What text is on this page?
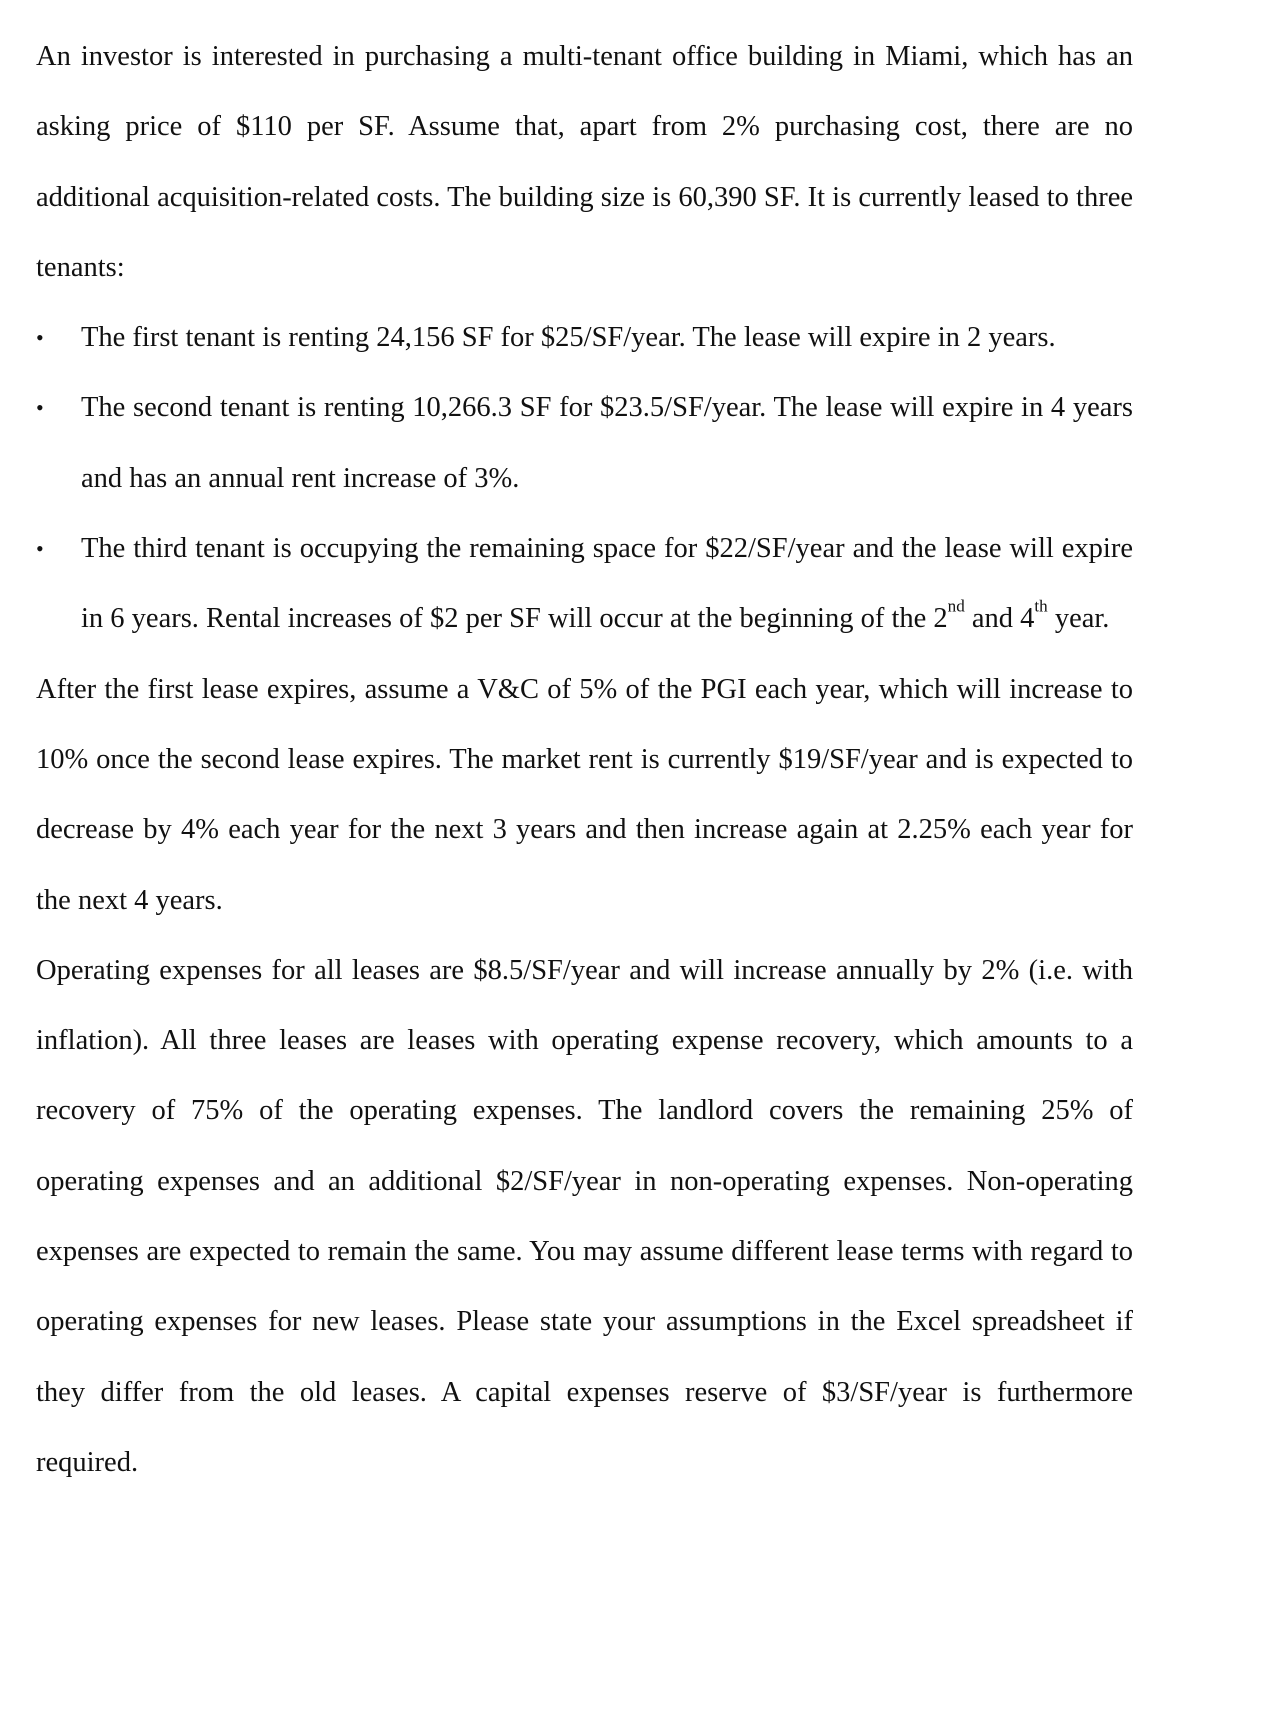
An investor is interested in purchasing a multi-tenant office building in Miami, which has an asking price of $110 per SF. Assume that, apart from 2% purchasing cost, there are no additional acquisition-related costs. The building size is 60,390 SF. It is currently leased to three tenants:

•	The first tenant is renting 24,156 SF for $25/SF/year. The lease will expire in 2 years.
•	The second tenant is renting 10,266.3 SF for $23.5/SF/year. The lease will expire in 4 years and has an annual rent increase of 3%.
•	The third tenant is occupying the remaining space for $22/SF/year and the lease will expire in 6 years. Rental increases of $2 per SF will occur at the beginning of the 2nd and 4th year.

After the first lease expires, assume a V&C of 5% of the PGI each year, which will increase to 10% once the second lease expires. The market rent is currently $19/SF/year and is expected to decrease by 4% each year for the next 3 years and then increase again at 2.25% each year for the next 4 years.

Operating expenses for all leases are $8.5/SF/year and will increase annually by 2% (i.e. with inflation). All three leases are leases with operating expense recovery, which amounts to a recovery of 75% of the operating expenses. The landlord covers the remaining 25% of operating expenses and an additional $2/SF/year in non-operating expenses. Non-operating expenses are expected to remain the same. You may assume different lease terms with regard to operating expenses for new leases. Please state your assumptions in the Excel spreadsheet if they differ from the old leases. A capital expenses reserve of $3/SF/year is furthermore required.
